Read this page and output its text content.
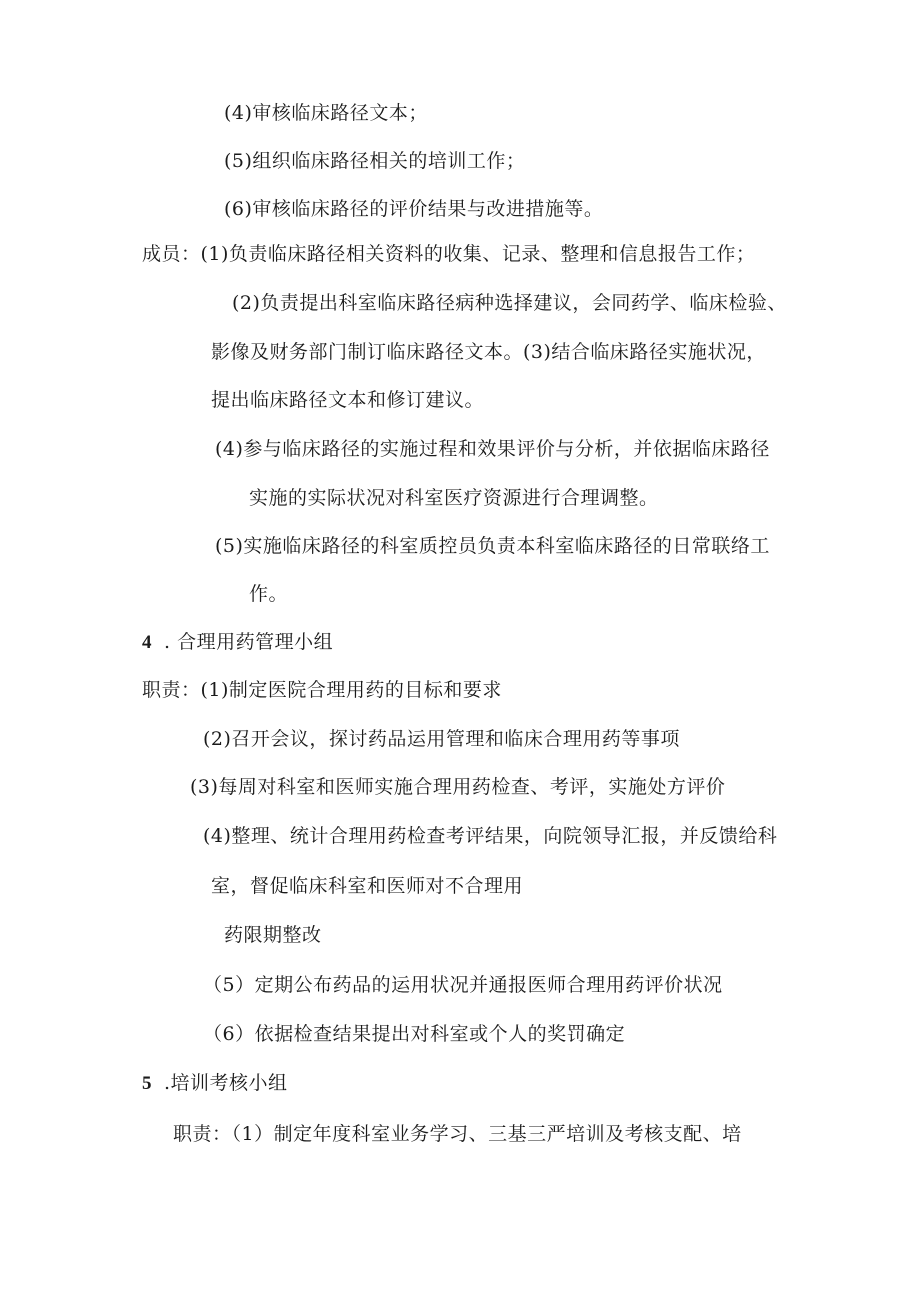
(4)审核临床路径文本；
(5)组织临床路径相关的培训工作；
(6)审核临床路径的评价结果与改进措施等。
成员：(1)负责临床路径相关资料的收集、记录、整理和信息报告工作；
(2)负责提出科室临床路径病种选择建议，会同药学、临床检验、
影像及财务部门制订临床路径文本。(3)结合临床路径实施状况，
提出临床路径文本和修订建议。
(4)参与临床路径的实施过程和效果评价与分析，并依据临床路径
实施的实际状况对科室医疗资源进行合理调整。
(5)实施临床路径的科室质控员负责本科室临床路径的日常联络工
作。
4 . 合理用药管理小组
职责：(1)制定医院合理用药的目标和要求
(2)召开会议，探讨药品运用管理和临床合理用药等事项
(3)每周对科室和医师实施合理用药检查、考评，实施处方评价
(4)整理、统计合理用药检查考评结果，向院领导汇报，并反馈给科
室，督促临床科室和医师对不合理用
药限期整改
（5）定期公布药品的运用状况并通报医师合理用药评价状况
（6）依据检查结果提出对科室或个人的奖罚确定
5 .培训考核小组
职责：（1）制定年度科室业务学习、三基三严培训及考核支配、培
